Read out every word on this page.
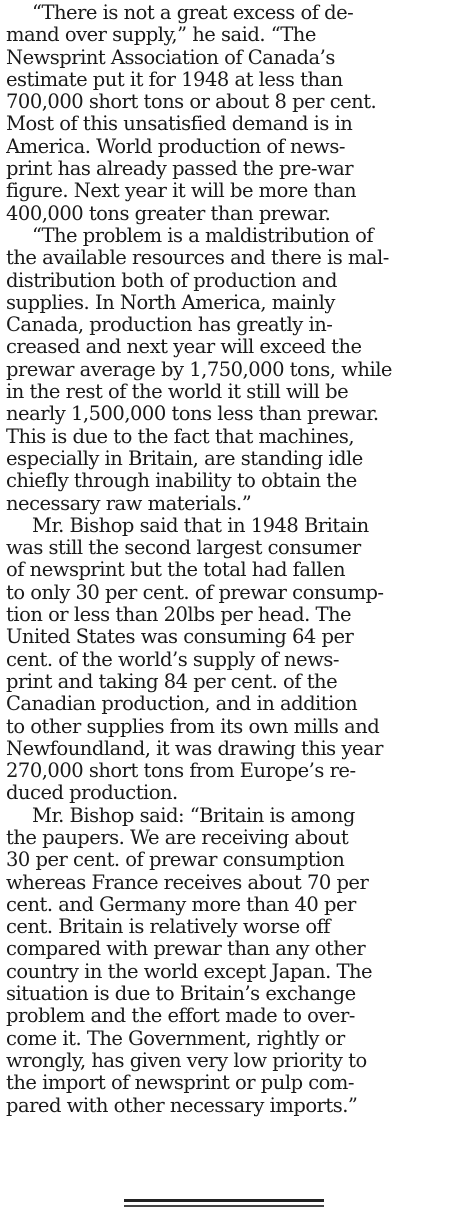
“There is not a great excess of de-
mand over supply,” he said. “The
Newsprint Association of Canada’s
estimate put it for 1948 at less than
700,000 short tons or about 8 per cent.
Most of this unsatisfied demand is in
America. World production of news-
print has already passed the pre-war
figure. Next year it will be more than
400,000 tons greater than prewar.
“The problem is a maldistribution of
the available resources and there is mal-
distribution both of production and
supplies. In North America, mainly
Canada, production has greatly in-
creased and next year will exceed the
prewar average by 1,750,000 tons, while
in the rest of the world it still will be
nearly 1,500,000 tons less than prewar.
This is due to the fact that machines,
especially in Britain, are standing idle
chiefly through inability to obtain the
necessary raw materials.”
Mr. Bishop said that in 1948 Britain
was still the second largest consumer
of newsprint but the total had fallen
to only 30 per cent. of prewar consump-
tion or less than 20lbs per head. The
United States was consuming 64 per
cent. of the world’s supply of news-
print and taking 84 per cent. of the
Canadian production, and in addition
to other supplies from its own mills and
Newfoundland, it was drawing this year
270,000 short tons from Europe’s re-
duced production.
Mr. Bishop said: “Britain is among
the paupers. We are receiving about
30 per cent. of prewar consumption
whereas France receives about 70 per
cent. and Germany more than 40 per
cent. Britain is relatively worse off
compared with prewar than any other
country in the world except Japan. The
situation is due to Britain’s exchange
problem and the effort made to over-
come it. The Government, rightly or
wrongly, has given very low priority to
the import of newsprint or pulp com-
pared with other necessary imports.”
